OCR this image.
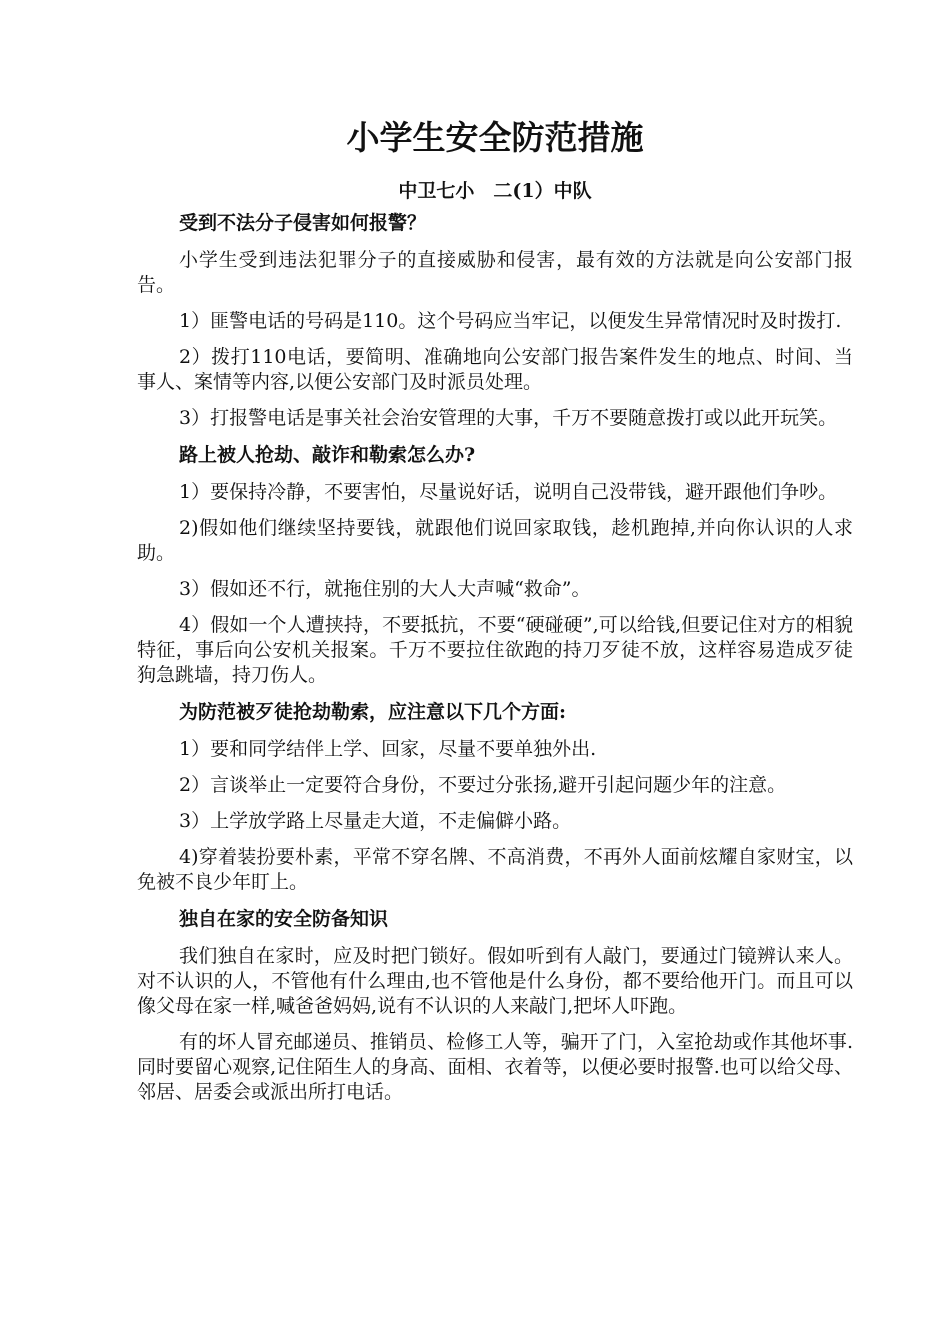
小学生安全防范措施
中卫七小　二(1）中队
受到不法分子侵害如何报警？

小学生受到违法犯罪分子的直接威胁和侵害，最有效的方法就是向公安部门报告。

1）匪警电话的号码是110。这个号码应当牢记，以便发生异常情况时及时拨打.

2）拨打110电话，要简明、准确地向公安部门报告案件发生的地点、时间、当事人、案情等内容,以便公安部门及时派员处理。

3）打报警电话是事关社会治安管理的大事，千万不要随意拨打或以此开玩笑。

路上被人抢劫、敲诈和勒索怎么办?

1）要保持冷静，不要害怕，尽量说好话，说明自己没带钱，避开跟他们争吵。

2)假如他们继续坚持要钱，就跟他们说回家取钱，趁机跑掉,并向你认识的人求助。

3）假如还不行，就拖住别的大人大声喊“救命”。

4）假如一个人遭挟持，不要抵抗，不要“硬碰硬”,可以给钱,但要记住对方的相貌特征，事后向公安机关报案。千万不要拉住欲跑的持刀歹徒不放，这样容易造成歹徒狗急跳墙，持刀伤人。

为防范被歹徒抢劫勒索，应注意以下几个方面:

1）要和同学结伴上学、回家，尽量不要单独外出.

2）言谈举止一定要符合身份，不要过分张扬,避开引起问题少年的注意。

3）上学放学路上尽量走大道，不走偏僻小路。

4)穿着装扮要朴素，平常不穿名牌、不高消费，不再外人面前炫耀自家财宝，以免被不良少年盯上。

独自在家的安全防备知识

我们独自在家时，应及时把门锁好。假如听到有人敲门，要通过门镜辨认来人。对不认识的人，不管他有什么理由,也不管他是什么身份，都不要给他开门。而且可以像父母在家一样,喊爸爸妈妈,说有不认识的人来敲门,把坏人吓跑。

有的坏人冒充邮递员、推销员、检修工人等，骗开了门，入室抢劫或作其他坏事.同时要留心观察,记住陌生人的身高、面相、衣着等，以便必要时报警.也可以给父母、邻居、居委会或派出所打电话。
